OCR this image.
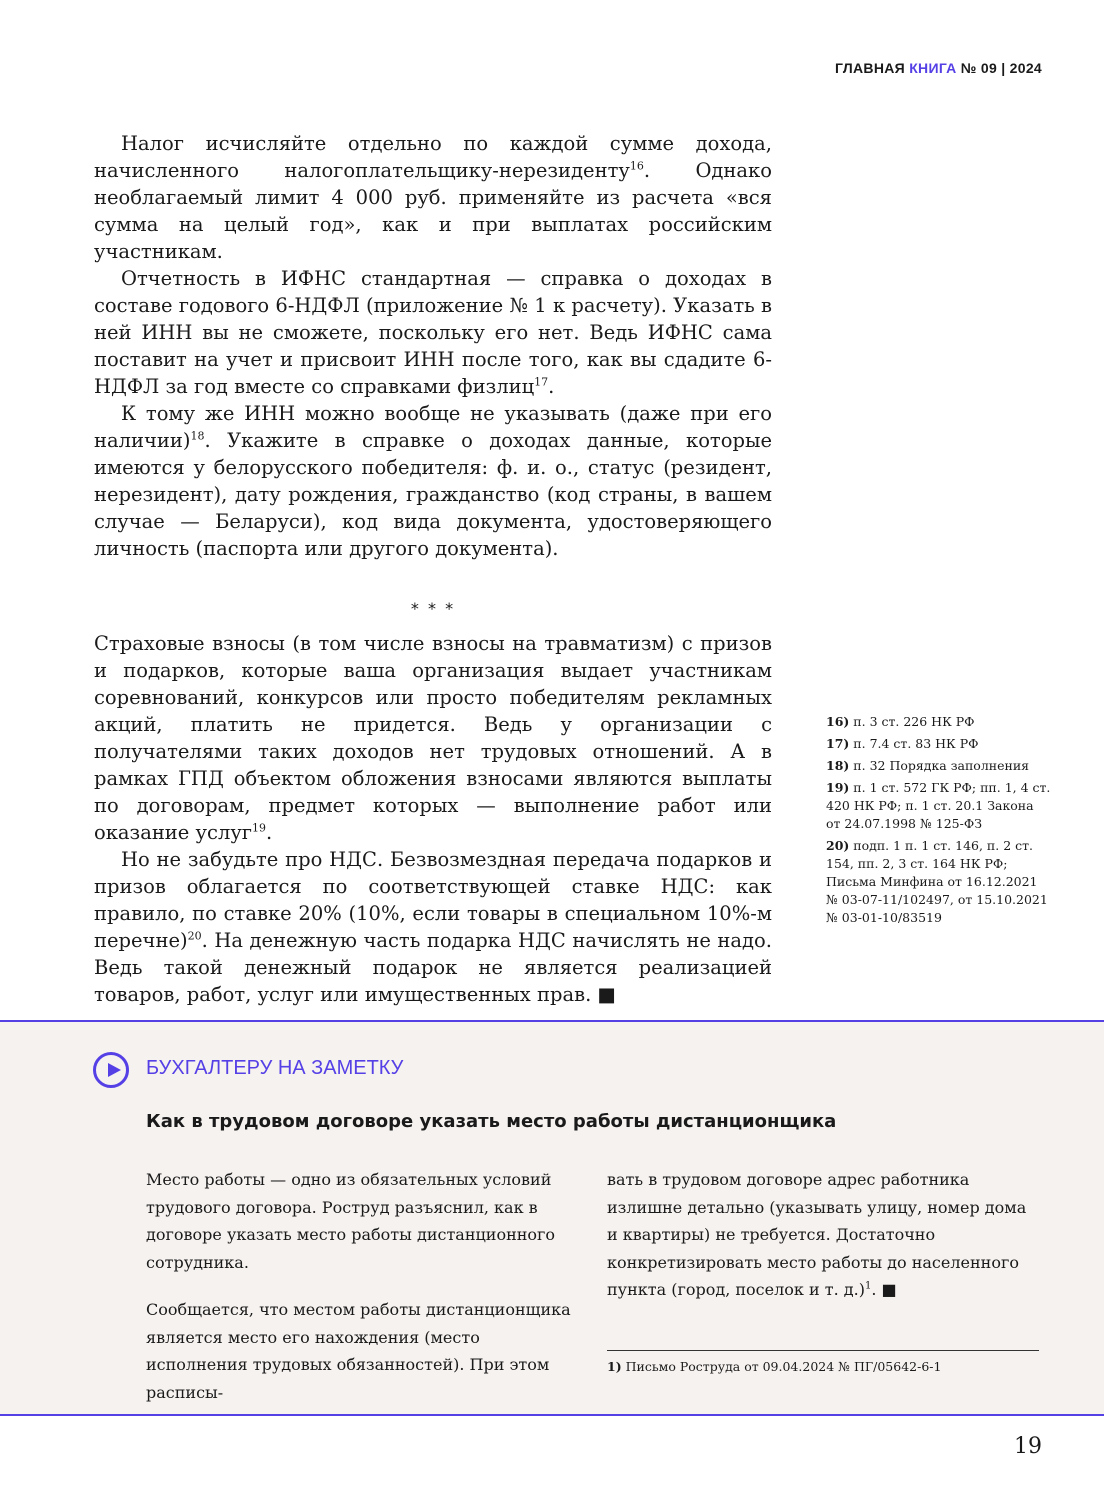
ГЛАВНАЯ КНИГА № 09 | 2024

Налог исчисляйте отдельно по каждой сумме дохода, начисленного налогоплательщику-нерезиденту$^{16}$. Однако необлагаемый лимит 4 000 руб. применяйте из расчета «вся сумма на целый год», как и при выплатах российским участникам.

Отчетность в ИФНС стандартная — справка о доходах в составе годового 6-НДФЛ (приложение № 1 к расчету). Указать в ней ИНН вы не сможете, поскольку его нет. Ведь ИФНС сама поставит на учет и присвоит ИНН после того, как вы сдадите 6-НДФЛ за год вместе со справками физлиц$^{17}$.

К тому же ИНН можно вообще не указывать (даже при его наличии)$^{18}$. Укажите в справке о доходах данные, которые имеются у белорусского победителя: ф. и. о., статус (резидент, нерезидент), дату рождения, гражданство (код страны, в вашем случае — Беларуси), код вида документа, удостоверяющего личность (паспорта или другого документа).

* * *

Страховые взносы (в том числе взносы на травматизм) с призов и подарков, которые ваша организация выдает участникам соревнований, конкурсов или просто победителям рекламных акций, платить не придется. Ведь у организации с получателями таких доходов нет трудовых отношений. А в рамках ГПД объектом обложения взносами являются выплаты по договорам, предмет которых — выполнение работ или оказание услуг$^{19}$.

Но не забудьте про НДС. Безвозмездная передача подарков и призов облагается по соответствующей ставке НДС: как правило, по ставке 20% (10%, если товары в специальном 10%-м перечне)$^{20}$. На денежную часть подарка НДС начислять не надо. Ведь такой денежный подарок не является реализацией товаров, работ, услуг или имущественных прав. ■

16) п. 3 ст. 226 НК РФ
17) п. 7.4 ст. 83 НК РФ
18) п. 32 Порядка заполнения
19) п. 1 ст. 572 ГК РФ; пп. 1, 4 ст. 420 НК РФ; п. 1 ст. 20.1 Закона от 24.07.1998 № 125-ФЗ
20) подп. 1 п. 1 ст. 146, п. 2 ст. 154, пп. 2, 3 ст. 164 НК РФ; Письма Минфина от 16.12.2021 № 03-07-11/102497, от 15.10.2021 № 03-01-10/83519
БУХГАЛТЕРУ НА ЗАМЕТКУ
Как в трудовом договоре указать место работы дистанционщика

Место работы — одно из обязательных условий трудового договора. Роструд разъяснил, как в договоре указать место работы дистанционного сотрудника.

Сообщается, что местом работы дистанционщика является место его нахождения (место исполнения трудовых обязанностей). При этом расписы-

вать в трудовом договоре адрес работника излишне детально (указывать улицу, номер дома и квартиры) не требуется. Достаточно конкретизировать место работы до населенного пункта (город, поселок и т. д.)$^1$. ■

1) Письмо Роструда от 09.04.2024 № ПГ/05642-6-1
19
